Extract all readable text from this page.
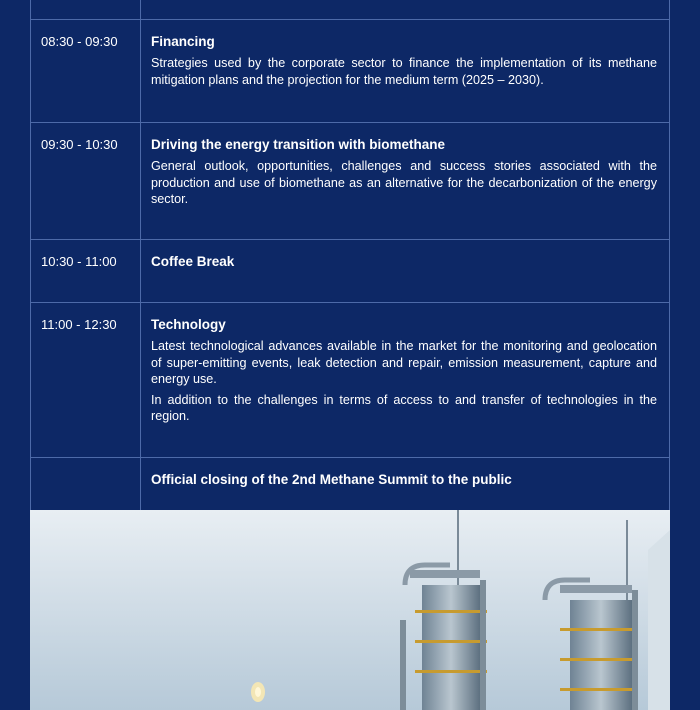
08:30 - 09:30	Financing
Strategies used by the corporate sector to finance the implementation of its methane mitigation plans and the projection for the medium term (2025 – 2030).

09:30 - 10:30	Driving the energy transition with biomethane
General outlook, opportunities, challenges and success stories associated with the production and use of biomethane as an alternative for the decarbonization of the energy sector.

10:30 - 11:00	Coffee Break

11:00 - 12:30	Technology
Latest technological advances available in the market for the monitoring and geolocation of super-emitting events, leak detection and repair, emission measurement, capture and energy use.
In addition to the challenges in terms of access to and transfer of technologies in the region.

	Official closing of the 2nd Methane Summit to the public
